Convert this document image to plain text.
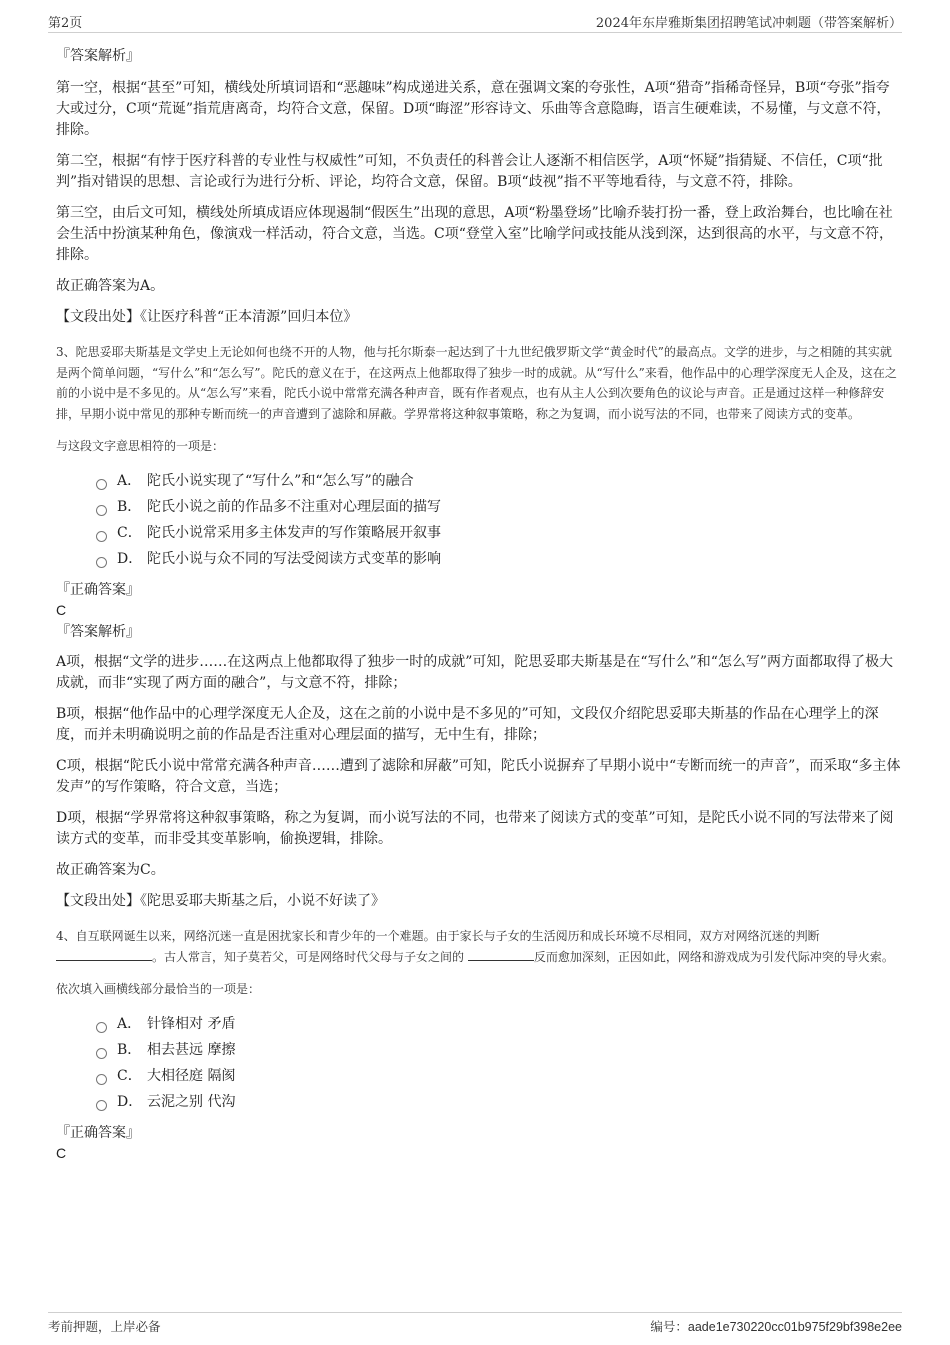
第2页	2024年东岸雅斯集团招聘笔试冲刺题（带答案解析）

『答案解析』

第一空，根据“甚至”可知，横线处所填词语和“恶趣味”构成递进关系，意在强调文案的夸张性，A项“猎奇”指稀奇怪异，B项“夸张”指夸大或过分，C项“荒诞”指荒唐离奇，均符合文意，保留。D项“晦涩”形容诗文、乐曲等含意隐晦，语言生硬难读，不易懂，与文意不符，排除。

第二空，根据“有悖于医疗科普的专业性与权威性”可知，不负责任的科普会让人逐渐不相信医学，A项“怀疑”指猜疑、不信任，C项“批判”指对错误的思想、言论或行为进行分析、评论，均符合文意，保留。B项“歧视”指不平等地看待，与文意不符，排除。

第三空，由后文可知，横线处所填成语应体现遏制“假医生”出现的意思，A项“粉墨登场”比喻乔装打扮一番，登上政治舞台，也比喻在社会生活中扮演某种角色，像演戏一样活动，符合文意，当选。C项“登堂入室”比喻学问或技能从浅到深，达到很高的水平，与文意不符，排除。

故正确答案为A。

【文段出处】《让医疗科普“正本清源”回归本位》

3、陀思妥耶夫斯基是文学史上无论如何也绕不开的人物，他与托尔斯泰一起达到了十九世纪俄罗斯文学“黄金时代”的最高点。文学的进步，与之相随的其实就是两个简单问题，“写什么”和“怎么写”。陀氏的意义在于，在这两点上他都取得了独步一时的成就。从“写什么”来看，他作品中的心理学深度无人企及，这在之前的小说中是不多见的。从“怎么写”来看，陀氏小说中常常充满各种声音，既有作者观点，也有从主人公到次要角色的议论与声音。正是通过这样一种修辞安排，早期小说中常见的那种专断而统一的声音遭到了滤除和屏蔽。学界常将这种叙事策略，称之为复调，而小说写法的不同，也带来了阅读方式的变革。

与这段文字意思相符的一项是：

A． 陀氏小说实现了“写什么”和“怎么写”的融合
B． 陀氏小说之前的作品多不注重对心理层面的描写
C． 陀氏小说常采用多主体发声的写作策略展开叙事
D． 陀氏小说与众不同的写法受阅读方式变革的影响

『正确答案』

C

『答案解析』

A项，根据“文学的进步……在这两点上他都取得了独步一时的成就”可知，陀思妥耶夫斯基是在“写什么”和“怎么写”两方面都取得了极大成就，而非“实现了两方面的融合”，与文意不符，排除；

B项，根据“他作品中的心理学深度无人企及，这在之前的小说中是不多见的”可知，文段仅介绍陀思妥耶夫斯基的作品在心理学上的深度，而并未明确说明之前的作品是否注重对心理层面的描写，无中生有，排除；

C项，根据“陀氏小说中常常充满各种声音……遭到了滤除和屏蔽”可知，陀氏小说摒弃了早期小说中“专断而统一的声音”，而采取“多主体发声”的写作策略，符合文意，当选；

D项，根据“学界常将这种叙事策略，称之为复调，而小说写法的不同，也带来了阅读方式的变革”可知，是陀氏小说不同的写法带来了阅读方式的变革，而非受其变革影响，偷换逻辑，排除。

故正确答案为C。

【文段出处】《陀思妥耶夫斯基之后，小说不好读了》

4、自互联网诞生以来，网络沉迷一直是困扰家长和青少年的一个难题。由于家长与子女的生活阅历和成长环境不尽相同，双方对网络沉迷的判断 。古人常言，知子莫若父，可是网络时代父母与子女之间的	反而愈加深刻，正因如此，网络和游戏成为引发代际冲突的导火索。

依次填入画横线部分最恰当的一项是：

A． 针锋相对 矛盾
B． 相去甚远 摩擦
C． 大相径庭 隔阂
D． 云泥之别 代沟

『正确答案』

C

考前押题，上岸必备	编号：aade1e730220cc01b975f29bf398e2ee
